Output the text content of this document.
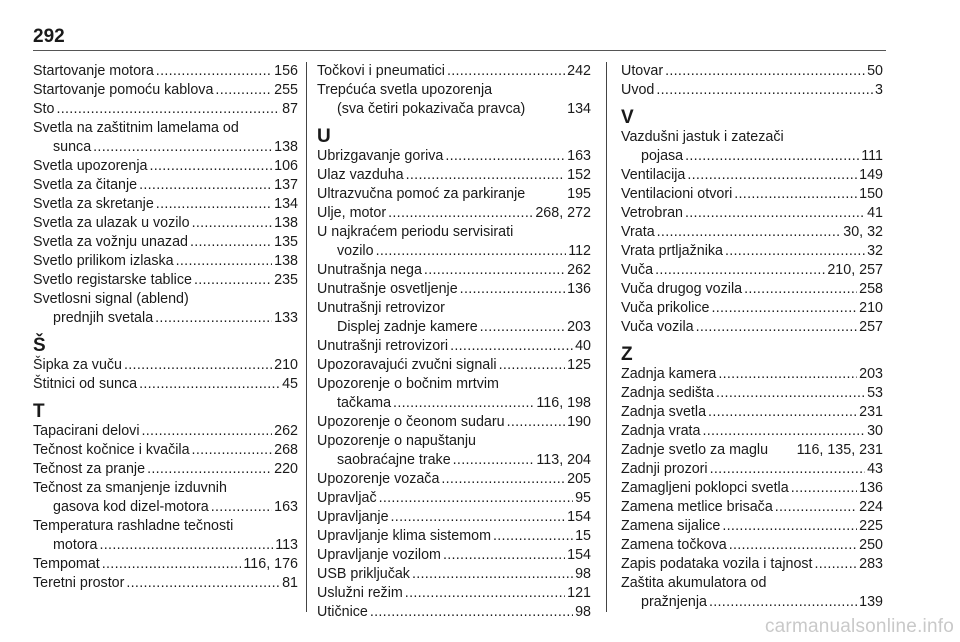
292
Startovanje motora .....	156
Startovanje pomoću kablova .....	255
Sto .....	87
Svetla na zaštitnim lamelama od
sunca .....	138
Svetla upozorenja .....	106
Svetla za čitanje .....	137
Svetla za skretanje .....	134
Svetla za ulazak u vozilo .....	138
Svetla za vožnju unazad .....	135
Svetlo prilikom izlaska .....	138
Svetlo registarske tablice .....	235
Svetlosni signal (ablend)
prednjih svetala .....	133
Š
Šipka za vuču .....	210
Štitnici od sunca .....	45
T
Tapacirani delovi .....	262
Tečnost kočnice i kvačila .....	268
Tečnost za pranje .....	220
Tečnost za smanjenje izduvnih
gasova kod dizel-motora .....	163
Temperatura rashladne tečnosti
motora .....	113
Tempomat .....	116, 176
Teretni prostor .....	81
Točkovi i pneumatici .....	242
Trepćuća svetla upozorenja
(sva četiri pokazivača pravca)	134
U
Ubrizgavanje goriva .....	163
Ulaz vazduha .....	152
Ultrazvučna pomoć za parkiranje	195
Ulje, motor .....	268, 272
U najkraćem periodu servisirati
vozilo .....	112
Unutrašnja nega .....	262
Unutrašnje osvetljenje .....	136
Unutrašnji retrovizor
Displej zadnje kamere .....	203
Unutrašnji retrovizori .....	40
Upozoravajući zvučni signali .....	125
Upozorenje o bočnim mrtvim
tačkama .....	116, 198
Upozorenje o čeonom sudaru .....	190
Upozorenje o napuštanju
saobraćajne trake .....	113, 204
Upozorenje vozača .....	205
Upravljač .....	95
Upravljanje .....	154
Upravljanje klima sistemom .....	15
Upravljanje vozilom .....	154
USB priključak .....	98
Uslužni režim .....	121
Utičnice .....	98
Utovar .....	50
Uvod .....	3
V
Vazdušni jastuk i zatezači
pojasa .....	111
Ventilacija .....	149
Ventilacioni otvori .....	150
Vetrobran .....	41
Vrata .....	30, 32
Vrata prtljažnika .....	32
Vuča .....	210, 257
Vuča drugog vozila .....	258
Vuča prikolice .....	210
Vuča vozila .....	257
Z
Zadnja kamera .....	203
Zadnja sedišta .....	53
Zadnja svetla .....	231
Zadnja vrata .....	30
Zadnje svetlo za maglu 116, 135, 231
Zadnji prozori .....	43
Zamagljeni poklopci svetla .....	136
Zamena metlice brisača .....	224
Zamena sijalice .....	225
Zamena točkova .....	250
Zapis podataka vozila i tajnost .....	283
Zaštita akumulatora od
pražnjenja .....	139
carmanualsonline.info
